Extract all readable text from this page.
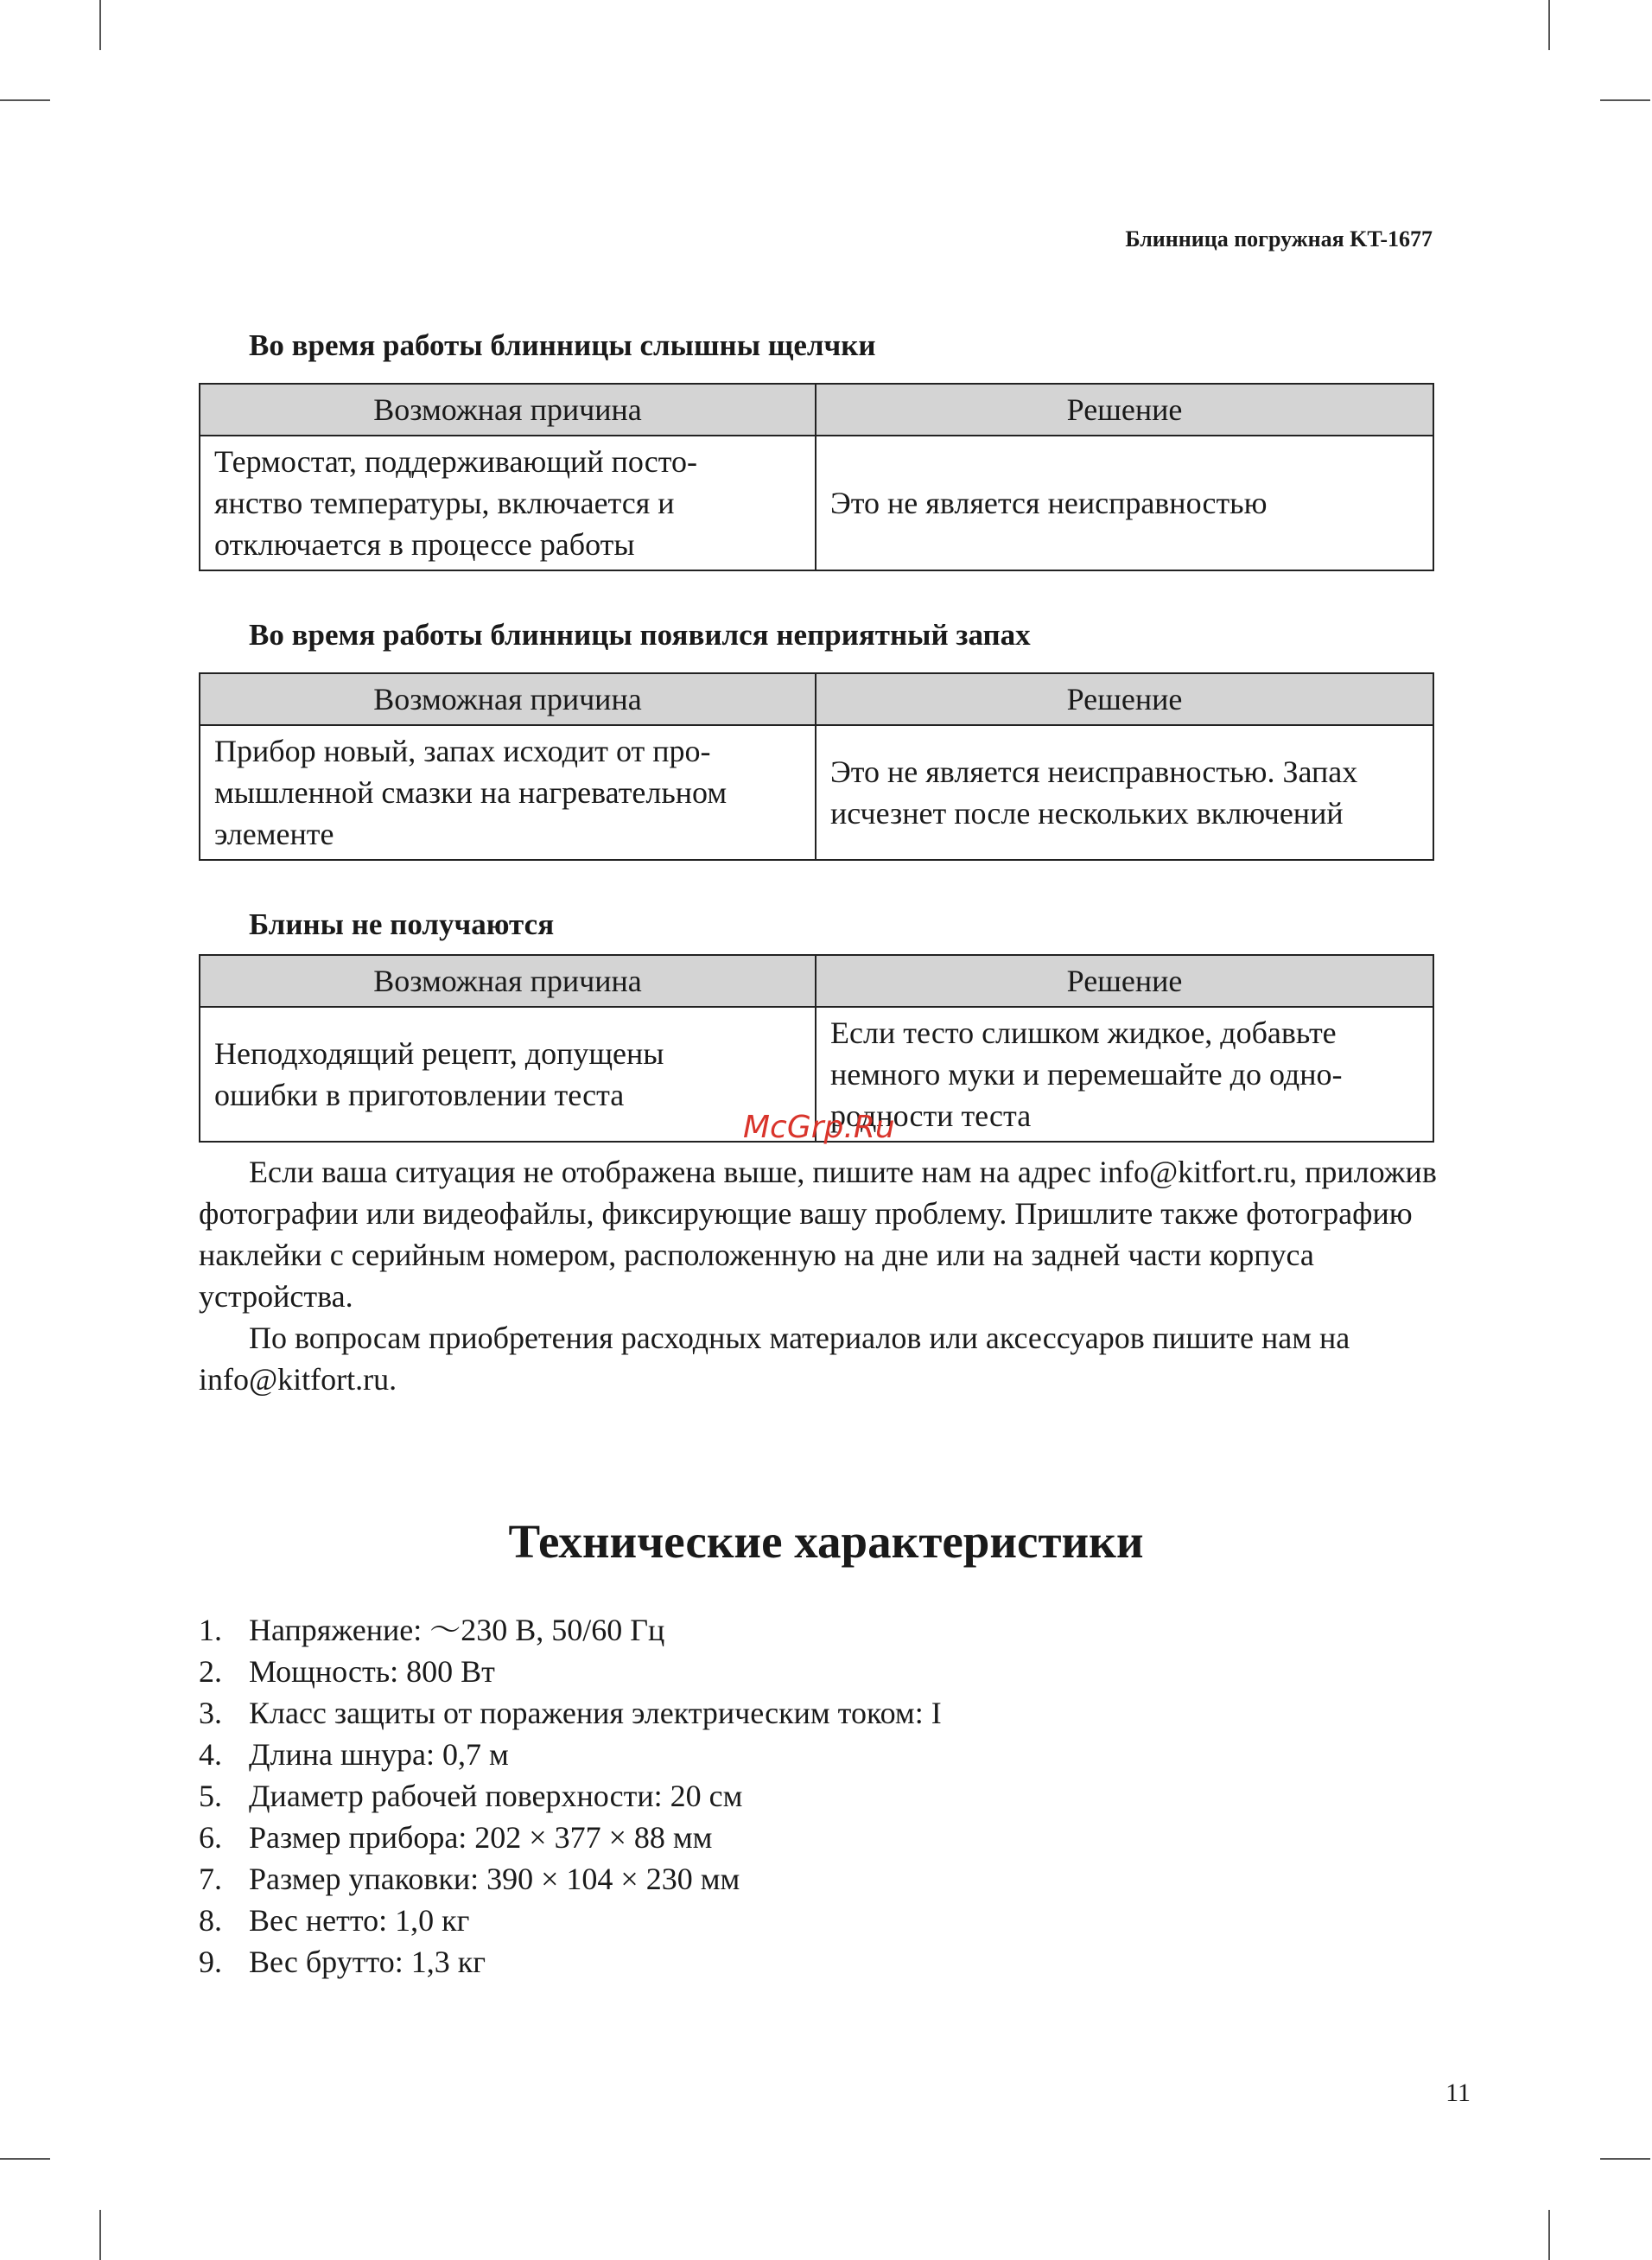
Блинница погружная KT-1677
Во время работы блинницы слышны щелчки
Возможная причина	Решение
Термостат, поддерживающий посто-
янство температуры, включается и
отключается в процессе работы	Это не является неисправностью
Во время работы блинницы появился неприятный запах
Возможная причина	Решение
Прибор новый, запах исходит от про-
мышленной смазки на нагревательном
элементе	Это не является неисправностью. Запах
исчезнет после нескольких включений
Блины не получаются
Возможная причина	Решение
Неподходящий рецепт, допущены
ошибки в приготовлении теста	Если тесто слишком жидкое, добавьте
немного муки и перемешайте до одно-
родности теста
McGrp.Ru

Если ваша ситуация не отображена выше, пишите нам на адрес info@kitfort.ru, приложив фотографии или видеофайлы, фиксирующие вашу проблему. Пришлите также фотографию наклейки с серийным номером, расположенную на дне или на задней части корпуса устройства.

По вопросам приобретения расходных материалов или аксессуаров пишите нам на info@kitfort.ru.

Технические характеристики
1. Напряжение: ～230 В, 50/60 Гц
2. Мощность: 800 Вт
3. Класс защиты от поражения электрическим током: I
4. Длина шнура: 0,7 м
5. Диаметр рабочей поверхности: 20 см
6. Размер прибора: 202 × 377 × 88 мм
7. Размер упаковки: 390 × 104 × 230 мм
8. Вес нетто: 1,0 кг
9. Вес брутто: 1,3 кг
11
